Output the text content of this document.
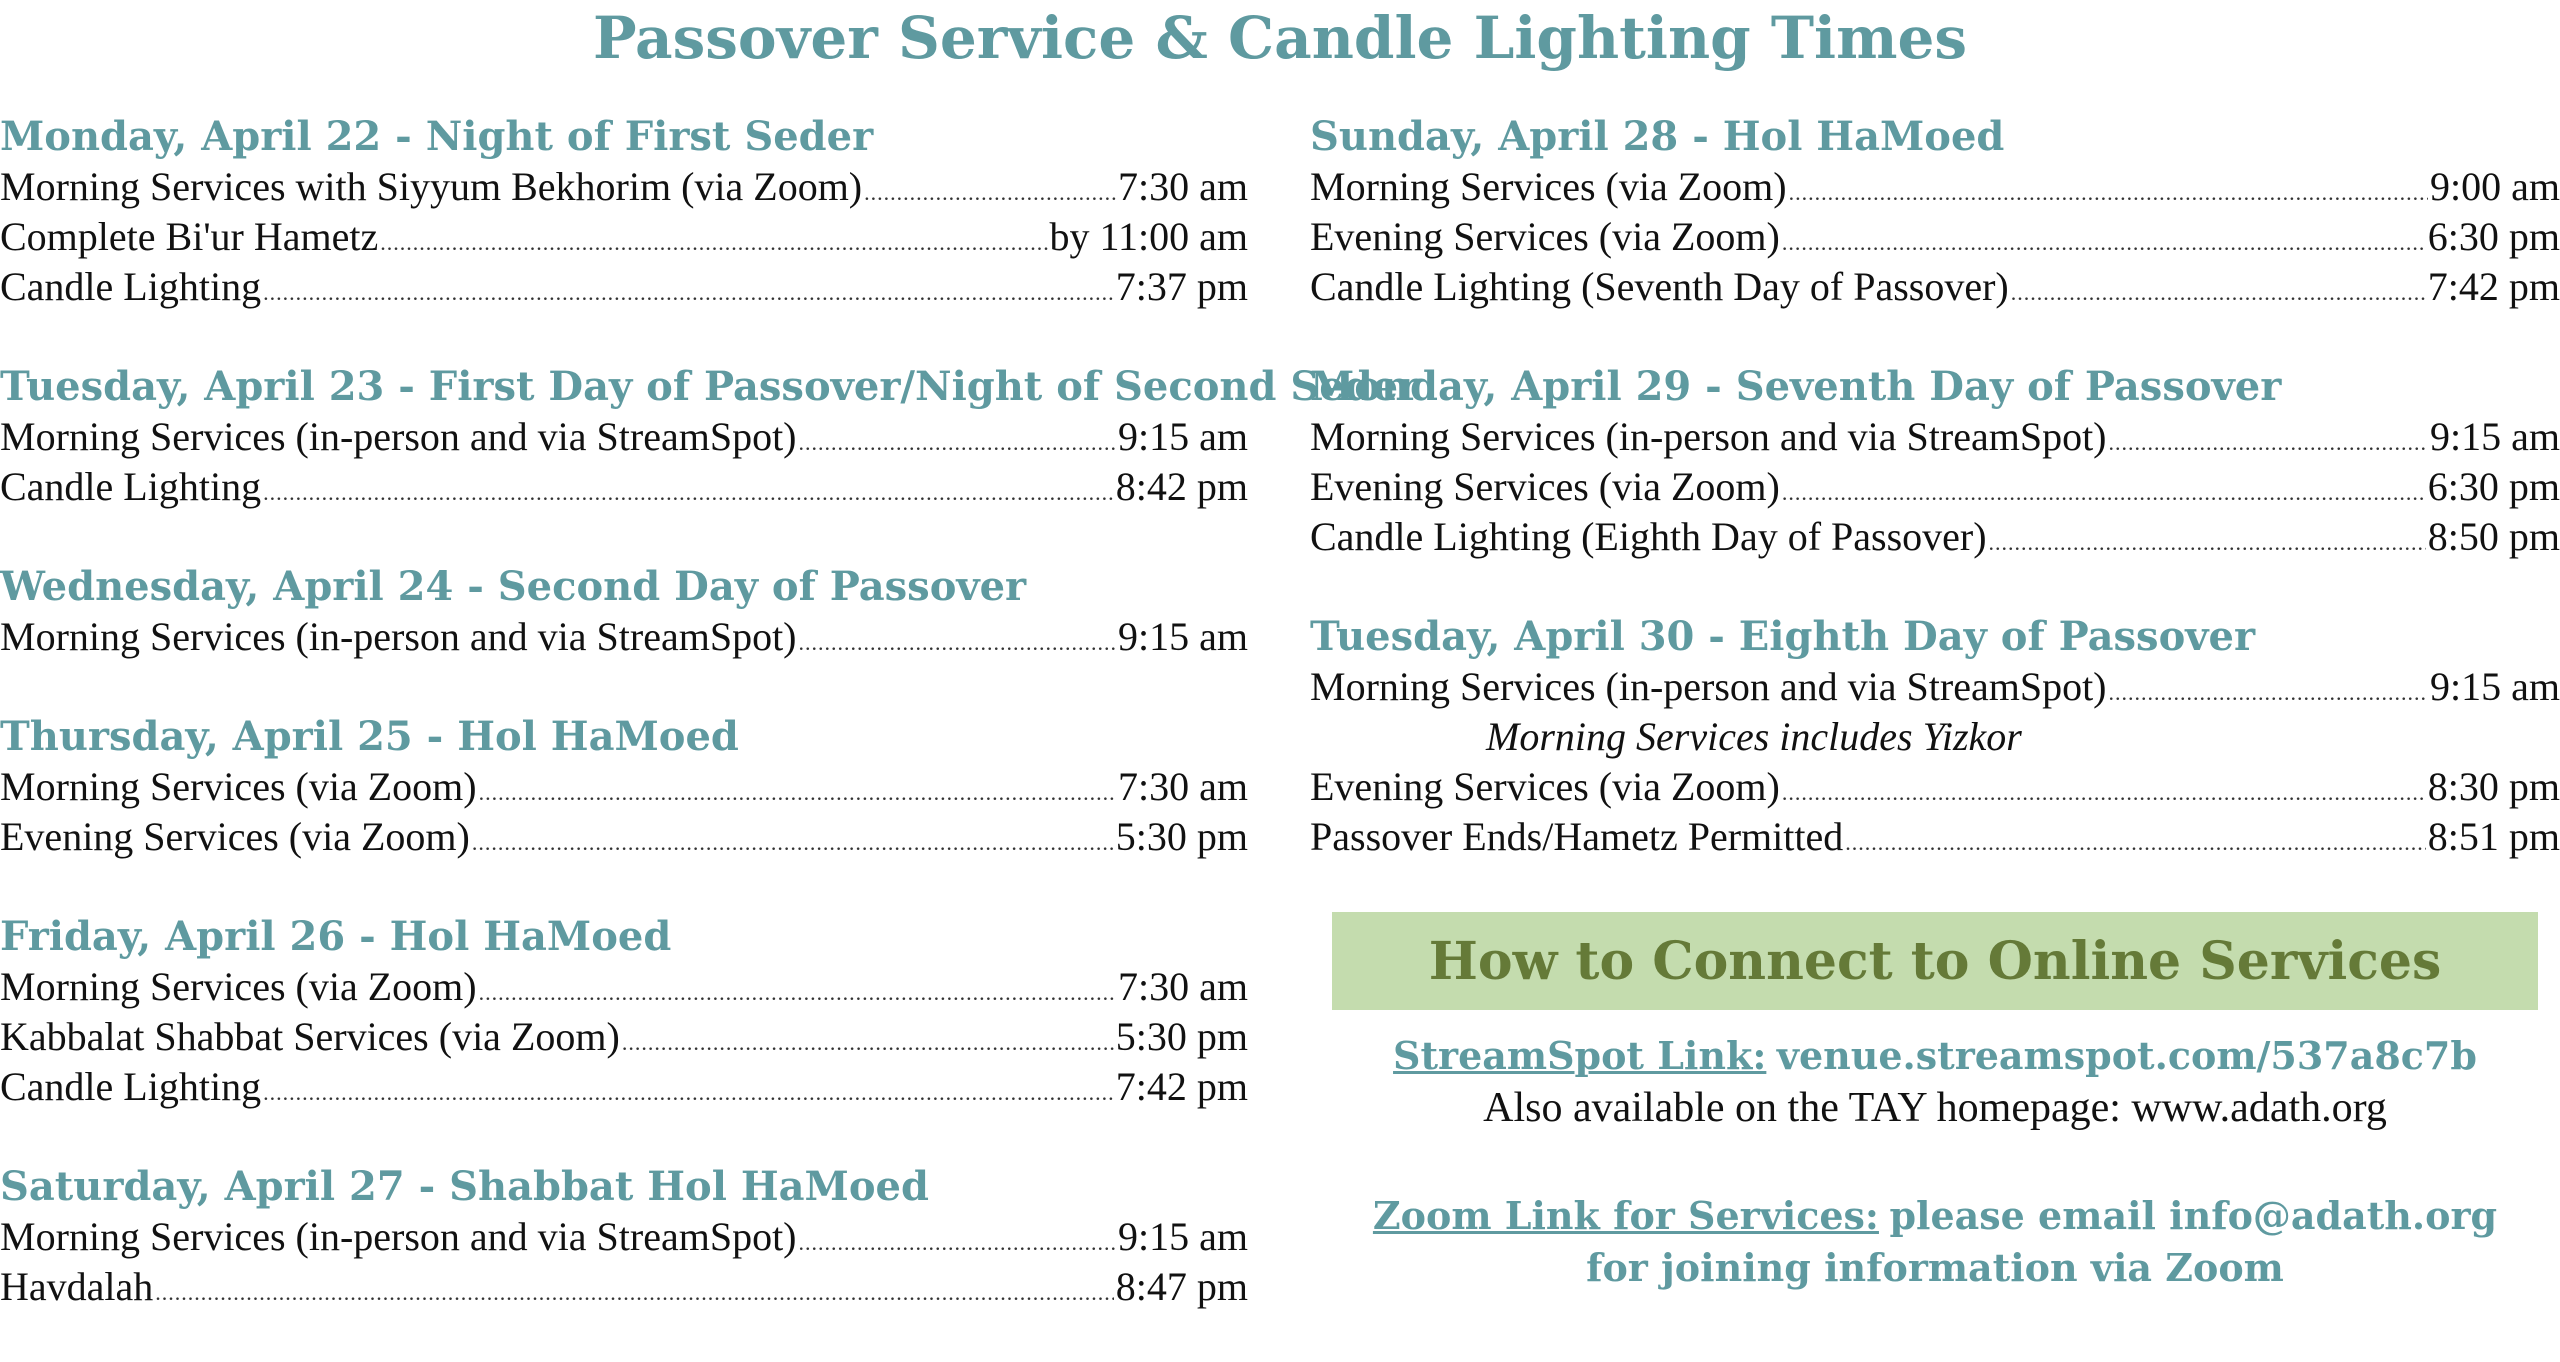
Passover Service & Candle Lighting Times
Monday, April 22 - Night of First Seder
Morning Services with Siyyum Bekhorim (via Zoom) .....	7:30 am
Complete Bi'ur Hametz .....	by 11:00 am
Candle Lighting .....	7:37 pm
Tuesday, April 23 - First Day of Passover/Night of Second Seder
Morning Services (in-person and via StreamSpot) .....	9:15 am
Candle Lighting .....	8:42 pm
Wednesday, April 24 - Second Day of Passover
Morning Services (in-person and via StreamSpot) .....	9:15 am
Thursday, April 25 - Hol HaMoed
Morning Services (via Zoom) .....	7:30 am
Evening Services (via Zoom) .....	5:30 pm
Friday, April 26 - Hol HaMoed
Morning Services (via Zoom) .....	7:30 am
Kabbalat Shabbat Services (via Zoom) .....	5:30 pm
Candle Lighting .....	7:42 pm
Saturday, April 27 - Shabbat Hol HaMoed
Morning Services (in-person and via StreamSpot) .....	9:15 am
Havdalah .....	8:47 pm
Sunday, April 28 - Hol HaMoed
Morning Services (via Zoom) .....	9:00 am
Evening Services (via Zoom) .....	6:30 pm
Candle Lighting (Seventh Day of Passover) .....	7:42 pm
Monday, April 29 - Seventh Day of Passover
Morning Services (in-person and via StreamSpot) .....	9:15 am
Evening Services (via Zoom) .....	6:30 pm
Candle Lighting (Eighth Day of Passover) .....	8:50 pm
Tuesday, April 30 - Eighth Day of Passover
Morning Services (in-person and via StreamSpot) .....	9:15 am
Morning Services includes Yizkor
Evening Services (via Zoom) .....	8:30 pm
Passover Ends/Hametz Permitted .....	8:51 pm
How to Connect to Online Services
StreamSpot Link: venue.streamspot.com/537a8c7b
Also available on the TAY homepage: www.adath.org
Zoom Link for Services: please email info@adath.org
for joining information via Zoom
